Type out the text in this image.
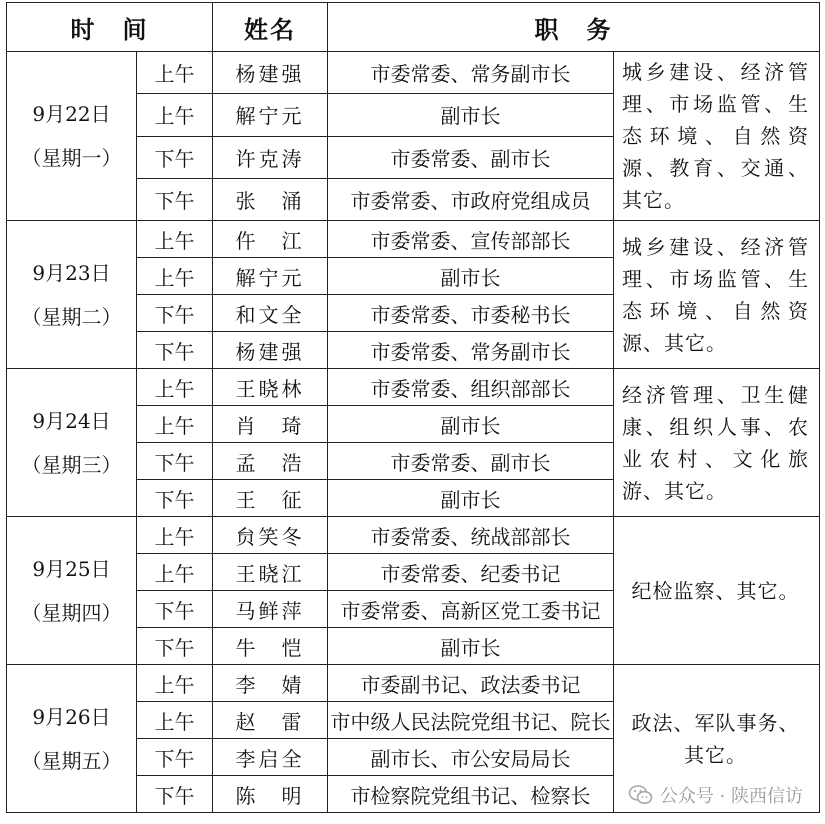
时　间		姓名	职　务	

9月22日
（星期一）	上午	杨建强	市委常委、常务副市长	城乡建设、经济管理、市场监管、生态环境、自然资源、教育、交通、其它。
	上午	解宁元	副市长	
	下午	许克涛	市委常委、副市长	
	下午	张　涌	市委常委、市政府党组成员	

9月23日
（星期二）	上午	仵　江	市委常委、宣传部部长	城乡建设、经济管理、市场监管、生态环境、自然资源、其它。
	上午	解宁元	副市长	
	下午	和文全	市委常委、市委秘书长	
	下午	杨建强	市委常委、常务副市长	

9月24日
（星期三）	上午	王晓林	市委常委、组织部部长	经济管理、卫生健康、组织人事、农业农村、文化旅游、其它。
	上午	肖　琦	副市长	
	下午	孟　浩	市委常委、副市长	
	下午	王　征	副市长	

9月25日
（星期四）	上午	贠笑冬	市委常委、统战部部长	纪检监察、其它。
	上午	王晓江	市委常委、纪委书记	
	下午	马鲜萍	市委常委、高新区党工委书记	
	下午	牛　恺	副市长	

9月26日
（星期五）	上午	李　婧	市委副书记、政法委书记	政法、军队事务、其它。
	上午	赵　雷	市中级人民法院党组书记、院长	
	下午	李启全	副市长、市公安局局长	
	下午	陈　明	市检察院党组书记、检察长		公众号 · 陕西信访
